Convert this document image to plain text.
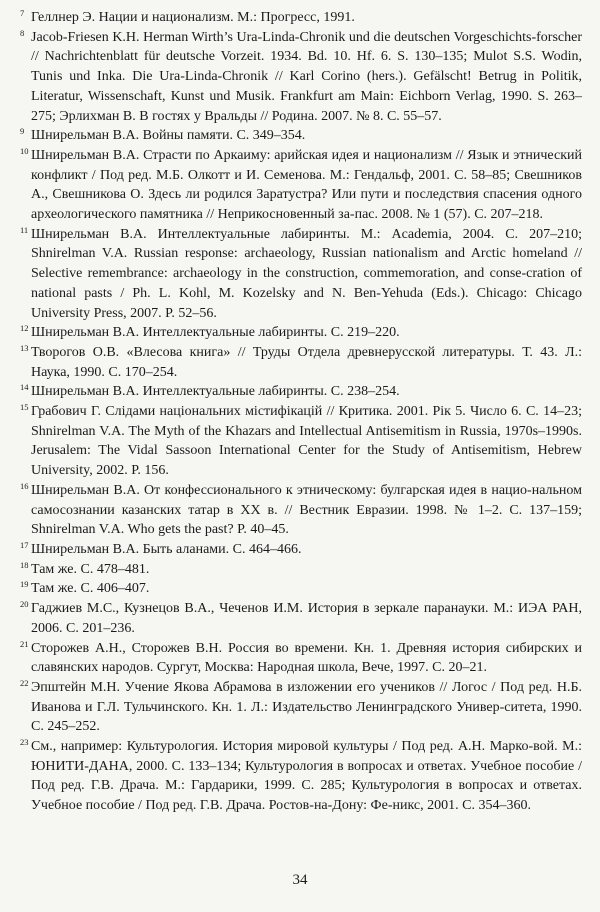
7 Геллнер Э. Нации и национализм. М.: Прогресс, 1991.

8 Jacob-Friesen K.H. Herman Wirth’s Ura-Linda-Chronik und die deutschen Vorgeschichts-forscher // Nachrichtenblatt für deutsche Vorzeit. 1934. Bd. 10. Hf. 6. S. 130–135; Mulot S.S. Wodin, Tunis und Inka. Die Ura-Linda-Chronik // Karl Corino (hers.). Gefälscht! Betrug in Politik, Literatur, Wissenschaft, Kunst und Musik. Frankfurt am Main: Eichborn Verlag, 1990. S. 263–275; Эрлихман В. В гостях у Вральды // Родина. 2007. № 8. С. 55–57.

9 Шнирельман В.А. Войны памяти. С. 349–354.

10 Шнирельман В.А. Страсти по Аркаиму: арийская идея и национализм // Язык и этнический конфликт / Под ред. М.Б. Олкотт и И. Семенова. М.: Гендальф, 2001. С. 58–85; Свешников А., Свешникова О. Здесь ли родился Заратустра? Или пути и последствия спасения одного археологического памятника // Неприкосновенный за-пас. 2008. № 1 (57). С. 207–218.

11 Шнирельман В.А. Интеллектуальные лабиринты. М.: Academia, 2004. С. 207–210; Shnirelman V.A. Russian response: archaeology, Russian nationalism and Arctic homeland // Selective remembrance: archaeology in the construction, commemoration, and conse-cration of national pasts / Ph. L. Kohl, M. Kozelsky and N. Ben-Yehuda (Eds.). Chicago: Chicago University Press, 2007. P. 52–56.

12 Шнирельман В.А. Интеллектуальные лабиринты. С. 219–220.

13 Творогов О.В. «Влесова книга» // Труды Отдела древнерусской литературы. Т. 43. Л.: Наука, 1990. С. 170–254.

14 Шнирельман В.А. Интеллектуальные лабиринты. С. 238–254.

15 Грабович Г. Слідами національних містифікацій // Критика. 2001. Рік 5. Число 6. С. 14–23; Shnirelman V.A. The Myth of the Khazars and Intellectual Antisemitism in Russia, 1970s–1990s. Jerusalem: The Vidal Sassoon International Center for the Study of Antisemitism, Hebrew University, 2002. P. 156.

16 Шнирельман В.А. От конфессионального к этническому: булгарская идея в нацио-нальном самосознании казанских татар в XX в. // Вестник Евразии. 1998. № 1–2. С. 137–159; Shnirelman V.A. Who gets the past? P. 40–45.

17 Шнирельман В.А. Быть аланами. С. 464–466.

18 Там же. С. 478–481.

19 Там же. С. 406–407.

20 Гаджиев М.С., Кузнецов В.А., Чеченов И.М. История в зеркале паранауки. М.: ИЭА РАН, 2006. С. 201–236.

21 Сторожев А.Н., Сторожев В.Н. Россия во времени. Кн. 1. Древняя история сибирских и славянских народов. Сургут, Москва: Народная школа, Вече, 1997. С. 20–21.

22 Эпштейн М.Н. Учение Якова Абрамова в изложении его учеников // Логос / Под ред. Н.Б. Иванова и Г.Л. Тульчинского. Кн. 1. Л.: Издательство Ленинградского Универ-ситета, 1990. С. 245–252.

23 См., например: Культурология. История мировой культуры / Под ред. А.Н. Марко-вой. М.: ЮНИТИ-ДАНА, 2000. С. 133–134; Культурология в вопросах и ответах. Учебное пособие / Под ред. Г.В. Драча. М.: Гардарики, 1999. С. 285; Культурология в вопросах и ответах. Учебное пособие / Под ред. Г.В. Драча. Ростов-на-Дону: Фе-никс, 2001. С. 354–360.

34
